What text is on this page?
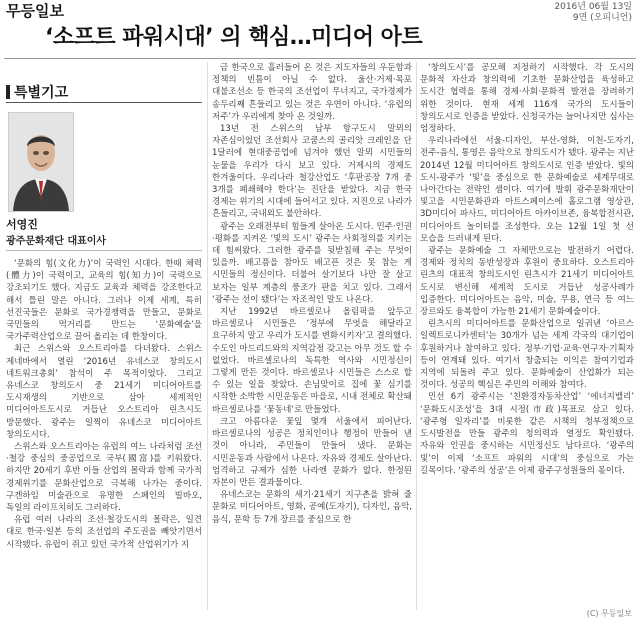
무등일보	2016년 06월 13일
9면 (오피니언)
‘소프트 파워시대’ 의 핵심…미디어 아트
특별기고
서영진
광주문화재단 대표이사

‘문화의 힘(文化力)’이 국력인 시대다. 한때 체력(體力)이 국력이고, 교육의 힘(知力)이 국력으로 강조되기도 했다. 지금도 교육과 체력을 강조한다고 해서 틀린 말은 아니다. 그러나 이제 세계, 특히 선진국들은 문화로 국가경쟁력을 만들고, 문화로 국민들의 먹거리를 만드는 ‘문화예술’을 국가주력산업으로 끌어 올리는 데 한창이다.

최근 스위스와 오스트리아를 다녀왔다. 스위스 제네바에서 열린 ‘2016년 유네스코 창의도시 네트워크총회’ 참석이 주 목적이었다. 그리고 유네스코 창의도시 중 21세기 미디어아트를 도시재생의 기반으로 삼아 세계적인 미디어아트도시로 거듭난 오스트리아 린츠시도 방문했다. 광주는 일찍이 유네스코 미디어아트 창의도시다.

스위스와 오스트리아는 유럽의 여느 나라처럼 조선·철강 중심의 중공업으로 국부(國富)를 키워왔다. 하지만 20세기 후반 이들 산업의 몰락과 함께 국가적 경제위기를 문화산업으로 극복해 나가는 중이다. 구겐하임 미술관으로 유명한 스페인의 빌바오, 독일의 라이프치히도 그러하다.

유럽 여러 나라의 조선·철강도시의 몰락은, 일견 대로 한국·일본 등의 조선업의 주도권을 빼앗기면서 시작됐다. 유럽이 쥐고 있던 국가적 산업위기가 지

금 한국으로 흘러들어 온 것은 지도자들의 우둔함과 정책의 빈틈이 아닐 수 없다. 울산·거제·목포 대불조선소 등 한국의 조선업이 무너지고, 국가경제가 송두리째 흔들리고 있는 것은 우연이 아니다. ‘유럽의 저주’가 우리에게 찾아 온 것일까.

13년 전 스위스의 남부 항구도시 말뫼의 자존심이었던 조선회사 코쿰스의 골리앗 크레인을 단 1달러에 현대중공업에 넘겨야 했던 말뫼 시민들의 눈물을 우리가 다시 보고 있다. 거제시의 경제도 한겨울이다. 우리나라 철강산업도 ‘후판공장 7개 중 3개를 폐쇄해야 한다’는 진단을 받았다. 지금 한국 경제는 위기의 시대에 들어서고 있다. 지진으로 나라가 흔들리고, 국내외도 불안하다.

광주는 오래전부터 힘들게 살아온 도시다. 민주·인권·평화를 지켜온 ‘빛의 도시’ 광주는 사회정의를 지키는 데 힘써왔다. 그러한 광주를 뒷받침해 주는 무엇이 있을까. 배고픔을 참아도 배고픈 것은 못 참는 게 시민들의 정신이다. 더불어 살기보다 나만 잘 살고 보자는 일부 계층의 풍조가 판을 치고 있다. 그래서 ‘광주는 선이 됐다’는 자조적인 말도 나온다.

지난 1992년 바르셀로나 올림픽을 앞두고 바르셀로나 시민들은 ‘정부에 무엇을 해달라고 요구하지 말고 우리가 도시를 변화시키자’고 결의했다. 수도인 마드리드와의 지역감정 갖고는 아무 것도 할 수 없었다. 바르셀로나의 독특한 역사와 시민정신이 그렇게 만든 것이다. 바르셀로나 시민들은 스스로 할 수 있는 일을 찾았다. 손님맞이로 집에 꽃 심기를 시작한 소박한 시민운동은 마을로, 시내 전체로 확산돼 바르셀로나를 ‘꽃동네’로 만들었다.

크고 아름다운 꽃잎 몇개 서울에서 피어난다. 바르셀로나의 성공은 정치인이나 행정이 만들어 낸 것이 아니라, 주민들이 만들어 냈다. 문화는 시민운동과 사람에서 나온다. 자유와 경제도 살아난다. 엄격하고 규제가 심한 나라엔 문화가 없다. 한정된 자본이 만든 결과물이다.

유네스코는 문화의 세기·21세기 지구촌을 밝혀 줄 문화로 미디어아트, 영화, 공예(도자기), 디자인, 음악, 음식, 문학 등 7개 장르를 중심으로 한

‘창의도시’를 공모해 지정하기 시작했다. 각 도시의 문화적 자산과 창의력에 기초한 문화산업을 육성하고 도시간 협력을 통해 경제·사회·문화적 발전을 장려하기 위한 것이다. 현재 세계 116개 국가의 도시들이 창의도시로 인증을 받았다. 신청국가는 늘어나지만 심사는 엄정하다.

우리나라에선 서울-디자인, 부산-영화, 이천-도자기, 전주-음식, 통영은 음악으로 창의도시가 됐다. 광주는 지난 2014년 12월 미디어아트 창의도시로 인증 받았다. 빛의 도시-광주가 ‘빛’을 중심으로 한 문화예술로 세계무대로 나아간다는 전략인 셈이다. 여기에 발휘 광주문화재단이 빛고을 시민문화관과 아트스페이스에 홀로그램 영상관, 3D미디어 파사드, 미디어아트 아카이브존, 융복합전시관, 미디어아트 놀이터를 조성한다. 오는 12월 1일 첫 선 모습을 드러내게 된다.

광주는 문화예술 그 자체만으로는 발전하기 어렵다. 경제와 정치의 동반성장과 후원이 중요하다. 오스트리아 린츠의 대표적 창의도시인 린츠시가 21세기 미디어아트 도시로 변신해 세계적 도시로 거듭난 성공사례가 입증한다. 미디어아트는 음악, 미술, 무용, 연극 등 여느 장르와도 융복합이 가능한 21세기 문화예술이다.

린츠시의 미디어아트를 문화산업으로 일궈낸 ‘아르스 일렉트로니카센터’는 30개가 넘는 세계 각국의 대기업이 후원하거나 참여하고 있다. 정부·기업·교육·연구자·기획자 등이 연계돼 있다. 여기서 창출되는 이익은 참여기업과 지역에 되돌려 주고 있다. 문화예술이 산업화가 되는 것이다. 성공의 핵심은 주민의 이해와 참여다.

민선 6기 광주시는 ‘친환경자동차산업’ ‘에너지밸리’ ‘문화도시조성’을 3대 시정(市政)목표로 삼고 있다. ‘광주형 일자리’를 비롯한 같은 시책의 청부정책으로 도시발전을 만들 광주의 청의력과 열정도 확인됐다. 자유와 인권을 중시하는 시민정신도 남다르다. ‘광주의 빛’이 이제 ‘소프트 파워의 시대’의 중심으로 가는 길목이다. ‘광주의 성공’은 이제 광주구성원들의 몫이다.

(C) 무등일보
